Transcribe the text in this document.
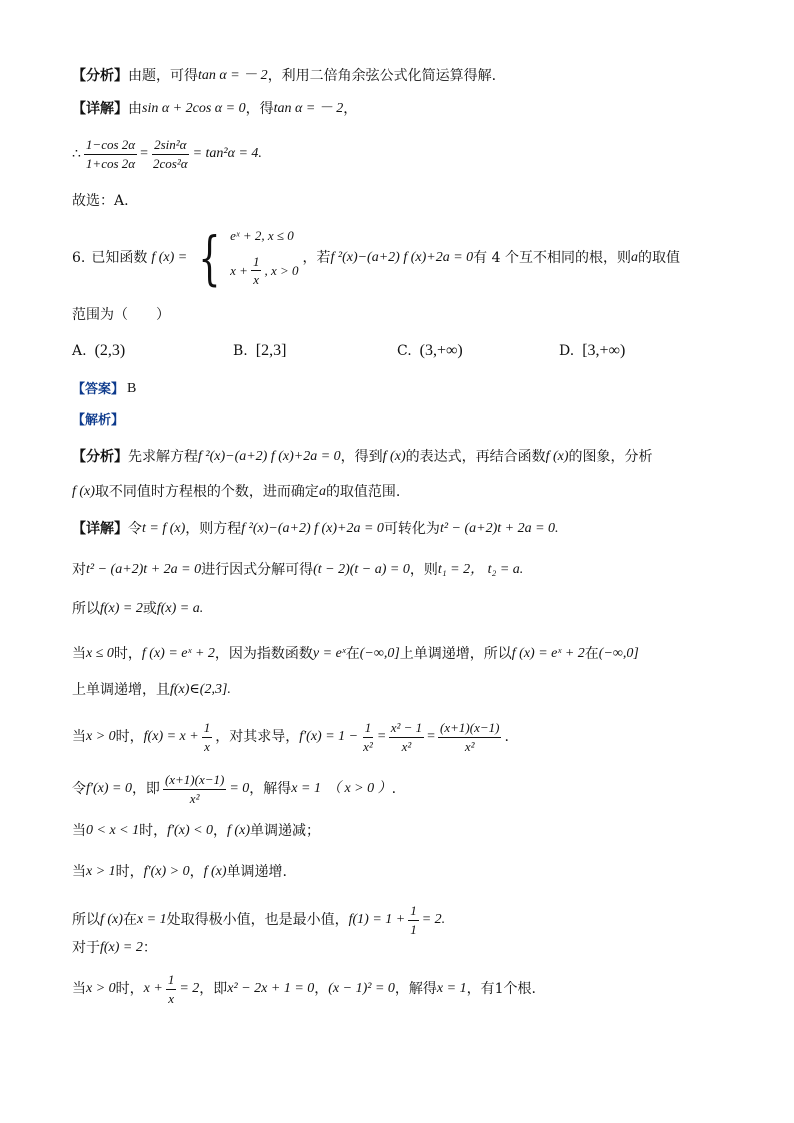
【分析】 由题，可得 tan α = － 2 ，利用二倍角余弦公式化简运算得解.
【详解】 由 sin α + 2cos α = 0 ，得 tan α = － 2 ，
∴ $\frac{1-\cos 2\alpha}{1+\cos 2\alpha} = \frac{\text{2sin²α}}{\text{2cos²α}} = \tan^2\alpha = 4$.
故选：A.
6. 已知函数 f (x) = { eˣ + 2, x ≤ 0
$x + \frac{1}{x}$ , x > 0
，若 f ²(x)−(a+2) f (x)+2a = 0 有 4 个互不相同的根，则 a 的取值
范围为（　　）
A. (2,3)	B. [2,3]	C. (3,+∞)	D. [3,+∞)
【答案】 B
【解析】
【分析】 先求解方程 f ²(x)−(a+2) f (x)+2a = 0 ，得到 f (x) 的表达式，再结合函数 f (x) 的图象，分析
f (x) 取不同值时方程根的个数，进而确定 a 的取值范围.
【详解】 令 t = f (x) ，则方程 f ²(x)−(a+2) f (x)+2a = 0 可转化为 t² − (a+2)t + 2a = 0.
对 t² − (a+2)t + 2a = 0 进行因式分解可得 (t − 2)(t − a) = 0 ，则 t₁ = 2， t₂ = a.
所以 f(x) = 2 或 f(x) = a.
当 x ≤ 0 时， f (x) = eˣ + 2 ，因为指数函数 y = eˣ 在 (−∞,0] 上单调递增，所以 f (x) = eˣ + 2 在 (−∞,0]
上单调递增，且 f(x)∈(2,3].
当 x > 0 时， $f(x) = x + \frac{1}{x}$ ，对其求导， $f'(x) = 1 - \frac{1}{\text{x²}} = \frac{\text{x² − 1}}{\text{x²}} = \frac{(x+1)(x-1)}{\text{x²}}$ .
令 f′(x) = 0 ，即 $\frac{(x+1)(x-1)}{\text{x²}} = 0$ ，解得 x = 1 （ x > 0 ） .
当 0 < x < 1 时， f′(x) < 0 ， f (x) 单调递减；
当 x > 1 时， f′(x) > 0 ， f (x) 单调递增.
所以 f (x) 在 x = 1 处取得极小值，也是最小值， $f(1) = 1 + \frac{1}{1} = 2$.
对于 f(x) = 2 ：
当 x > 0 时， $x + \frac{1}{x} = 2$ ，即 x² − 2x + 1 = 0 ， (x − 1)² = 0 ，解得 x = 1 ，有1个根.
